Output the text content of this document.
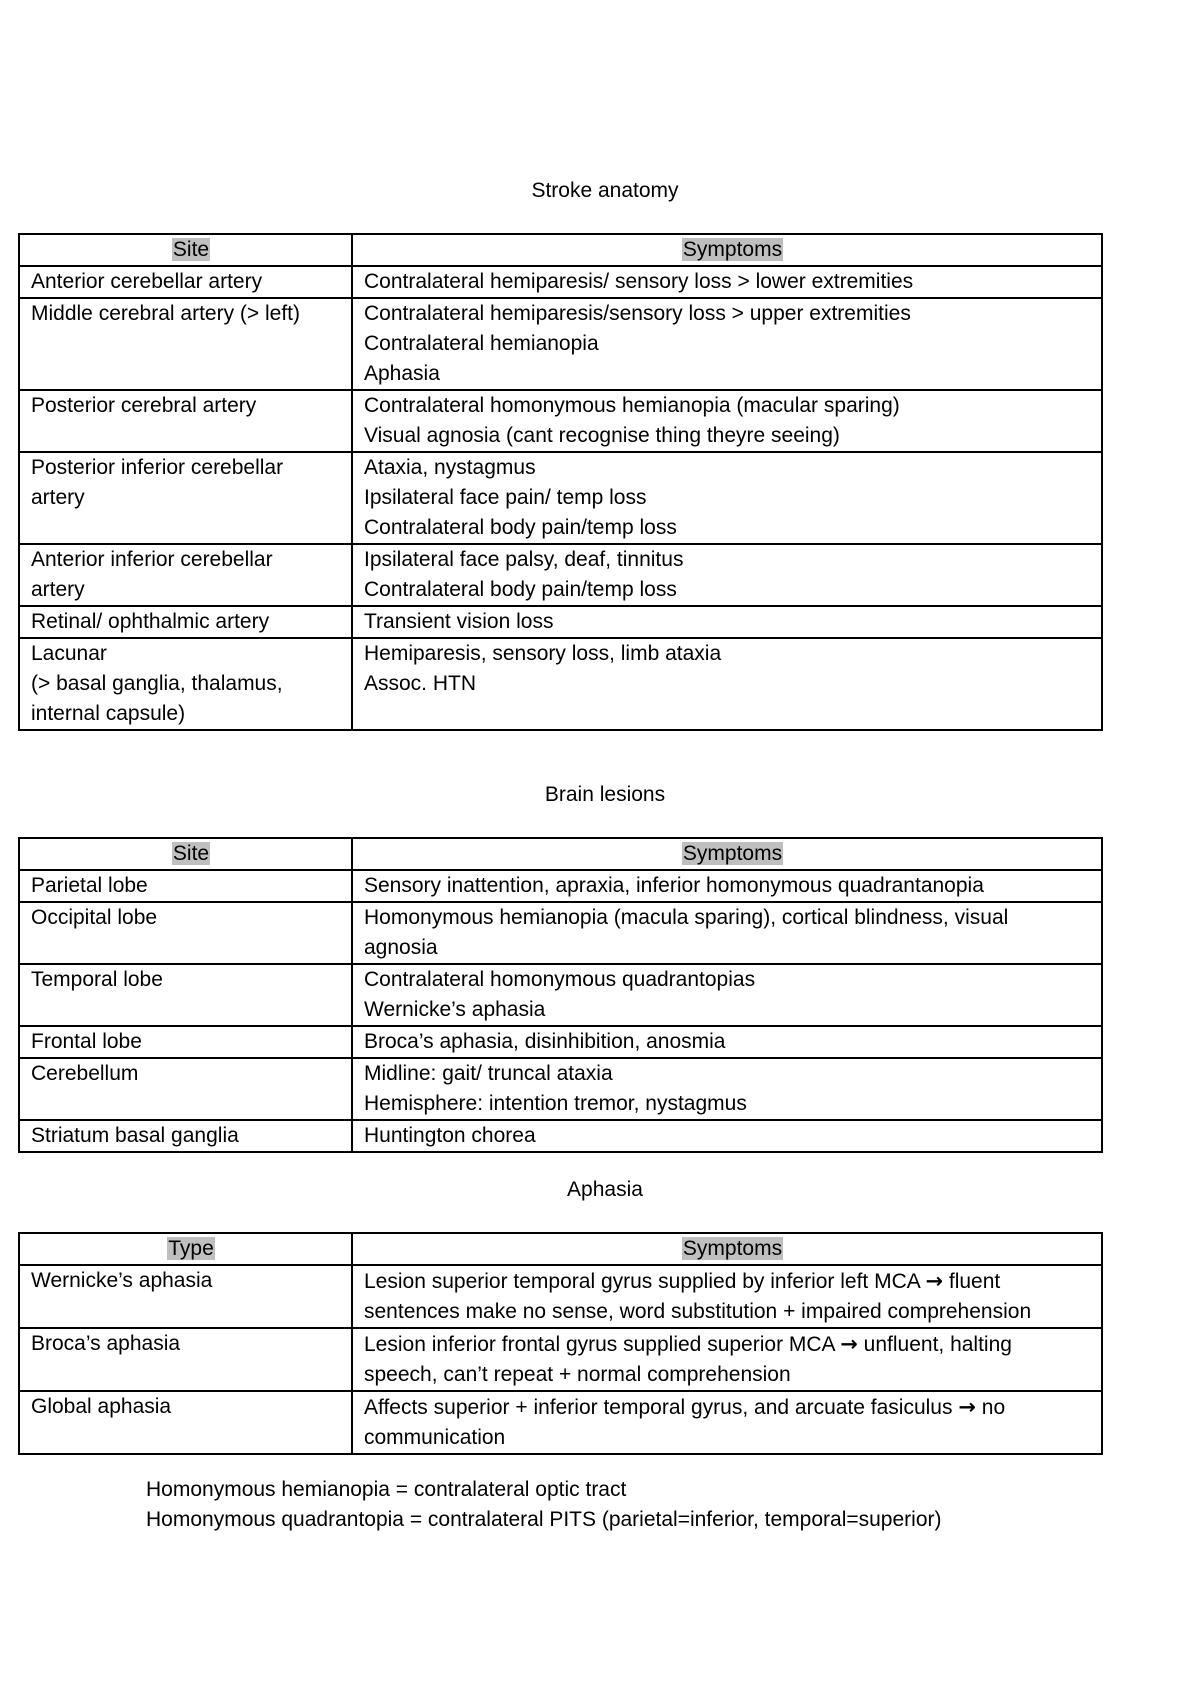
Stroke anatomy
Site	Symptoms

Anterior cerebellar artery	Contralateral hemiparesis/ sensory loss > lower extremities

Middle cerebral artery (> left)	Contralateral hemiparesis/sensory loss > upper extremities
Contralateral hemianopia
Aphasia

Posterior cerebral artery	Contralateral homonymous hemianopia (macular sparing)
Visual agnosia (cant recognise thing theyre seeing)

Posterior inferior cerebellar
artery	Ataxia, nystagmus
Ipsilateral face pain/ temp loss
Contralateral body pain/temp loss

Anterior inferior cerebellar
artery	Ipsilateral face palsy, deaf, tinnitus
Contralateral body pain/temp loss

Retinal/ ophthalmic artery	Transient vision loss

Lacunar
(> basal ganglia, thalamus,
internal capsule)	Hemiparesis, sensory loss, limb ataxia
Assoc. HTN
Brain lesions
Site	Symptoms

Parietal lobe	Sensory inattention, apraxia, inferior homonymous quadrantanopia

Occipital lobe	Homonymous hemianopia (macula sparing), cortical blindness, visual
agnosia

Temporal lobe	Contralateral homonymous quadrantopias
Wernicke’s aphasia

Frontal lobe	Broca’s aphasia, disinhibition, anosmia

Cerebellum	Midline: gait/ truncal ataxia
Hemisphere: intention tremor, nystagmus

Striatum basal ganglia	Huntington chorea
Aphasia
Type	Symptoms

Wernicke’s aphasia	Lesion superior temporal gyrus supplied by inferior left MCA → fluent
sentences make no sense, word substitution + impaired comprehension

Broca’s aphasia	Lesion inferior frontal gyrus supplied superior MCA → unfluent, halting
speech, can’t repeat + normal comprehension

Global aphasia	Affects superior + inferior temporal gyrus, and arcuate fasiculus → no
communication
Homonymous hemianopia = contralateral optic tract
Homonymous quadrantopia = contralateral PITS (parietal=inferior, temporal=superior)
